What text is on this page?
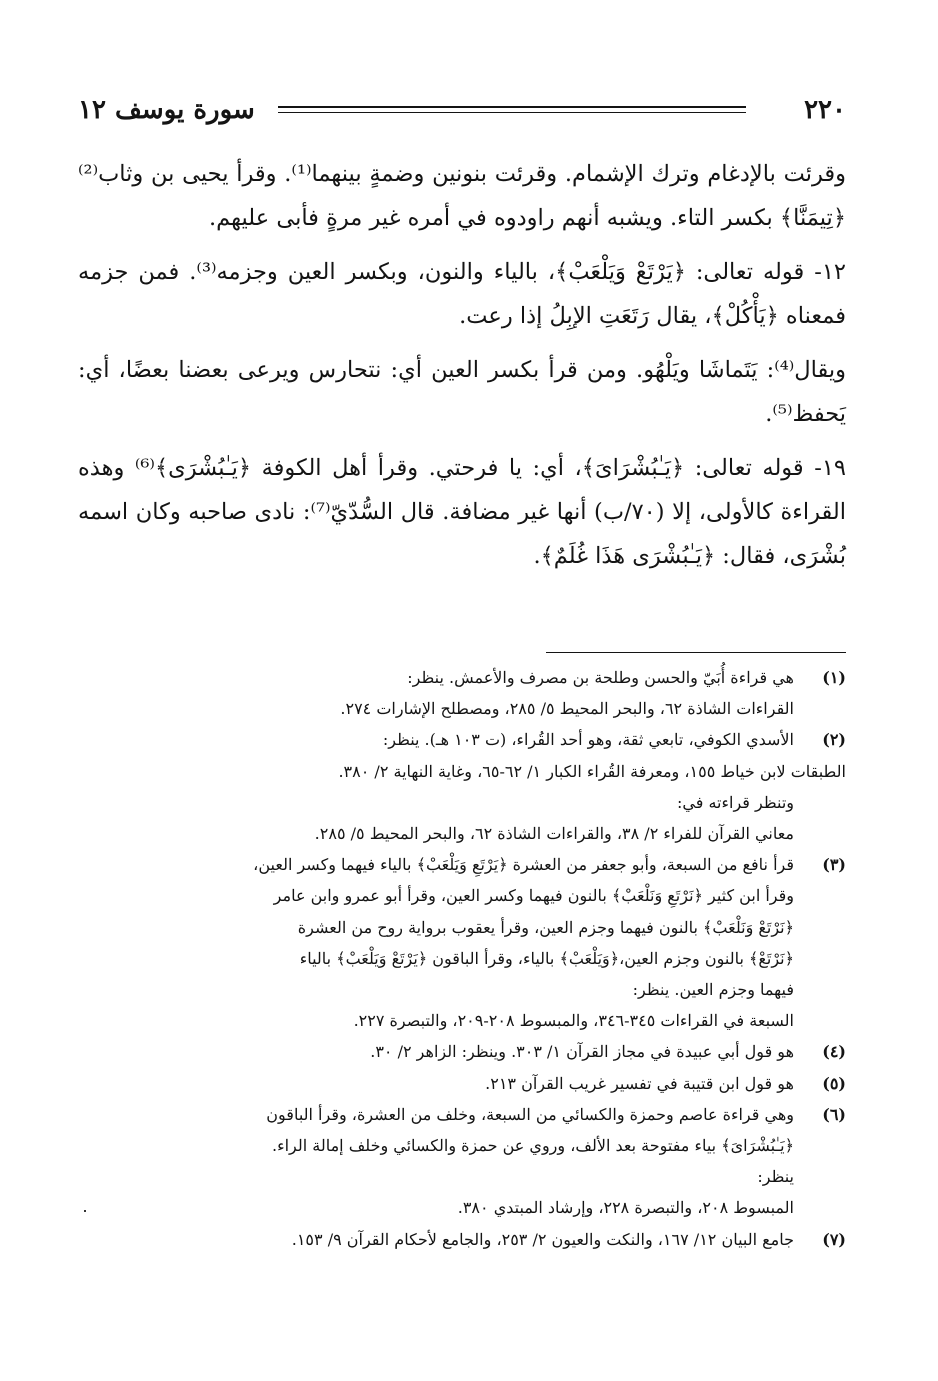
٢٢٠
سورة يوسف ١٢

وقرئت بالإدغام وترك الإشمام. وقرئت بنونين وضمةٍ بينهما⁽¹⁾. وقرأ يحيى بن وثاب⁽²⁾ ﴿تِيمَنَّا﴾ بكسر التاء. ويشبه أنهم راودوه في أمره غير مرةٍ فأبى عليهم.

١٢- قوله تعالى: ﴿يَرْتَعْ وَيَلْعَبْ﴾، بالياء والنون، وبكسر العين وجزمه⁽³⁾. فمن جزمه فمعناه ﴿يَأْكُلْ﴾، يقال رَتَعَتِ الإبِلُ إذا رعت.

ويقال⁽⁴⁾: يَتَماشَا ويَلْهُو. ومن قرأ بكسر العين أي: نتحارس ويرعى بعضنا بعضًا، أي: يَحفظ⁽⁵⁾.

١٩- قوله تعالى: ﴿يَـٰبُشْرَاىَ﴾، أي: يا فرحتي. وقرأ أهل الكوفة ﴿يَـٰبُشْرَى﴾⁽⁶⁾ وهذه القراءة كالأولى، إلا (٧٠/ب) أنها غير مضافة. قال السُّدّيّ⁽⁷⁾: نادى صاحبه وكان اسمه بُشْرَى، فقال: ﴿يَـٰبُشْرَى هَذَا غُلَمٌ﴾.

(١)
هي قراءة أُبَيّ والحسن وطلحة بن مصرف والأعمش. ينظر:
القراءات الشاذة ٦٢، والبحر المحيط ٥/ ٢٨٥، ومصطلح الإشارات ٢٧٤.
(٢)
الأسدي الكوفي، تابعي ثقة، وهو أحد القُراء، (ت ١٠٣ هـ). ينظر:
الطبقات لابن خياط ١٥٥، ومعرفة القُراء الكبار ١/ ٦٢-٦٥، وغاية النهاية ٢/ ٣٨٠.
وتنظر قراءته في:
معاني القرآن للفراء ٢/ ٣٨، والقراءات الشاذة ٦٢، والبحر المحيط ٥/ ٢٨٥.
(٣)
قرأ نافع من السبعة، وأبو جعفر من العشرة ﴿يَرْتَعِ وَيَلْعَبْ﴾ بالياء فيهما وكسر العين،
وقرأ ابن كثير ﴿نَرْتَعِ وَنَلْعَبْ﴾ بالنون فيهما وكسر العين، وقرأ أبو عمرو وابن عامر
﴿نَرْتَعْ وَنَلْعَبْ﴾ بالنون فيهما وجزم العين، وقرأ يعقوب برواية روح من العشرة
﴿نَرْتَعْ﴾ بالنون وجزم العين،﴿وَيَلْعَبْ﴾ بالياء، وقرأ الباقون ﴿يَرْتَعْ وَيَلْعَبْ﴾ بالياء
فيهما وجزم العين. ينظر:
السبعة في القراءات ٣٤٥-٣٤٦، والمبسوط ٢٠٨-٢٠٩، والتبصرة ٢٢٧.
(٤)
هو قول أبي عبيدة في مجاز القرآن ١/ ٣٠٣. وينظر: الزاهر ٢/ ٣٠.
(٥)
هو قول ابن قتيبة في تفسير غريب القرآن ٢١٣.
(٦)
وهي قراءة عاصم وحمزة والكسائي من السبعة، وخلف من العشرة، وقرأ الباقون
﴿يَـٰبُشْرَاىَ﴾ بياء مفتوحة بعد الألف، وروي عن حمزة والكسائي وخلف إمالة الراء.
ينظر:
المبسوط ٢٠٨، والتبصرة ٢٢٨، وإرشاد المبتدي ٣٨٠.
(٧)
جامع البيان ١٢/ ١٦٧، والنكت والعيون ٢/ ٢٥٣، والجامع لأحكام القرآن ٩/ ١٥٣.
